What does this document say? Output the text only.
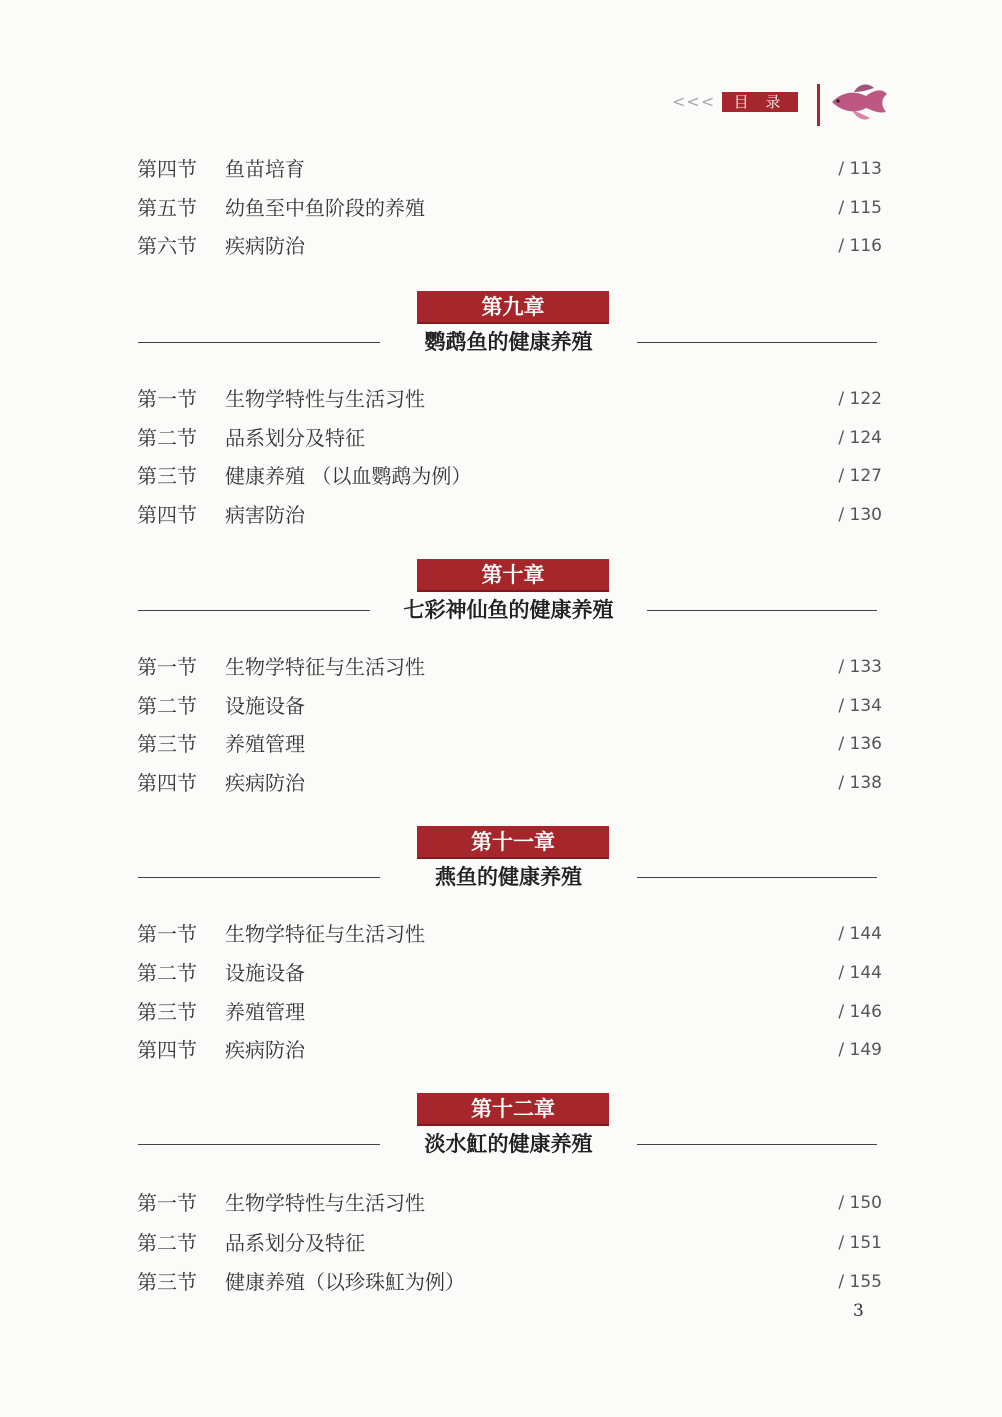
<<<	目 录
第四节 鱼苗培育	/ 113
第五节 幼鱼至中鱼阶段的养殖	/ 115
第六节 疾病防治	/ 116
第九章
鹦鹉鱼的健康养殖
第一节 生物学特性与生活习性	/ 122
第二节 品系划分及特征	/ 124
第三节 健康养殖 （以血鹦鹉为例）	/ 127
第四节 病害防治	/ 130
第十章
七彩神仙鱼的健康养殖
第一节 生物学特征与生活习性	/ 133
第二节 设施设备	/ 134
第三节 养殖管理	/ 136
第四节 疾病防治	/ 138
第十一章
燕鱼的健康养殖
第一节 生物学特征与生活习性	/ 144
第二节 设施设备	/ 144
第三节 养殖管理	/ 146
第四节 疾病防治	/ 149
第十二章
淡水魟的健康养殖
第一节 生物学特性与生活习性	/ 150
第二节 品系划分及特征	/ 151
第三节 健康养殖（以珍珠魟为例）	/ 155
3
